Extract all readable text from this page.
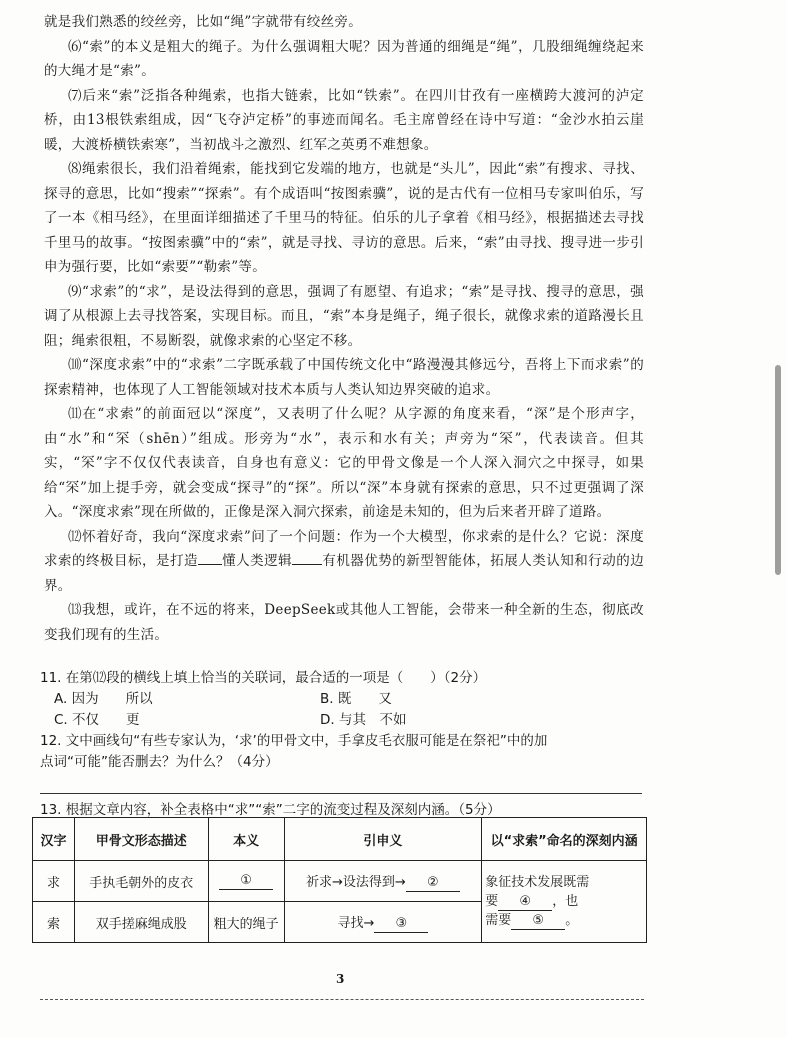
就是我们熟悉的绞丝旁，比如“绳”字就带有绞丝旁。

⑹“索”的本义是粗大的绳子。为什么强调粗大呢？因为普通的细绳是“绳”，几股细绳缠绕起来的大绳才是“索”。

⑺后来“索”泛指各种绳索，也指大链索，比如“铁索”。在四川甘孜有一座横跨大渡河的泸定桥，由13根铁索组成，因“飞夺泸定桥”的事迹而闻名。毛主席曾经在诗中写道：“金沙水拍云崖暖，大渡桥横铁索寒”，当初战斗之激烈、红军之英勇不难想象。

⑻绳索很长，我们沿着绳索，能找到它发端的地方，也就是“头儿”，因此“索”有搜求、寻找、探寻的意思，比如“搜索”“探索”。有个成语叫“按图索骥”，说的是古代有一位相马专家叫伯乐，写了一本《相马经》，在里面详细描述了千里马的特征。伯乐的儿子拿着《相马经》，根据描述去寻找千里马的故事。“按图索骥”中的“索”，就是寻找、寻访的意思。后来，“索”由寻找、搜寻进一步引申为强行要，比如“索要”“勒索”等。

⑼“求索”的“求”，是设法得到的意思，强调了有愿望、有追求；“索”是寻找、搜寻的意思，强调了从根源上去寻找答案，实现目标。而且，“索”本身是绳子，绳子很长，就像求索的道路漫长且阻；绳索很粗，不易断裂，就像求索的心坚定不移。

⑽“深度求索”中的“求索”二字既承载了中国传统文化中“路漫漫其修远兮，吾将上下而求索”的探索精神，也体现了人工智能领域对技术本质与人类认知边界突破的追求。

⑾在“求索”的前面冠以“深度”，又表明了什么呢？从字源的角度来看，“深”是个形声字，由“水”和“罙（shēn）”组成。形旁为“水”，表示和水有关；声旁为“罙”，代表读音。但其实，“罙”字不仅仅代表读音，自身也有意义：它的甲骨文像是一个人深入洞穴之中探寻，如果给“罙”加上提手旁，就会变成“探寻”的“探”。所以“深”本身就有探索的意思，只不过更强调了深入。“深度求索”现在所做的，正像是深入洞穴探索，前途是未知的，但为后来者开辟了道路。

⑿怀着好奇，我向“深度求索”问了一个问题：作为一个大模型，你求索的是什么？它说：深度求索的终极目标，是打造 懂人类逻辑 有机器优势的新型智能体，拓展人类认知和行动的边界。

⒀我想，或许，在不远的将来，DeepSeek或其他人工智能，会带来一种全新的生态，彻底改变我们现有的生活。

11. 在第⑿段的横线上填上恰当的关联词，最合适的一项是（　　）（2分）
A. 因为　　所以	B. 既　　又
C. 不仅　　更	D. 与其　不如
12. 文中画线句“有些专家认为，‘求’的甲骨文中，手拿皮毛衣服可能是在祭祀”中的加
点词“可能”能否删去？为什么？（4分）
13. 根据文章内容，补全表格中“求”“索”二字的流变过程及深刻内涵。（5分）
汉字	甲骨文形态描述	本义	引申义	以“求索”命名的深刻内涵
求	手执毛朝外的皮衣	①	祈求→设法得到→ ②	象征技术发展既需
要 ④ ，也
需要 ⑤ 。

索	双手搓麻绳成股	粗大的绳子	寻找→ ③	
3
